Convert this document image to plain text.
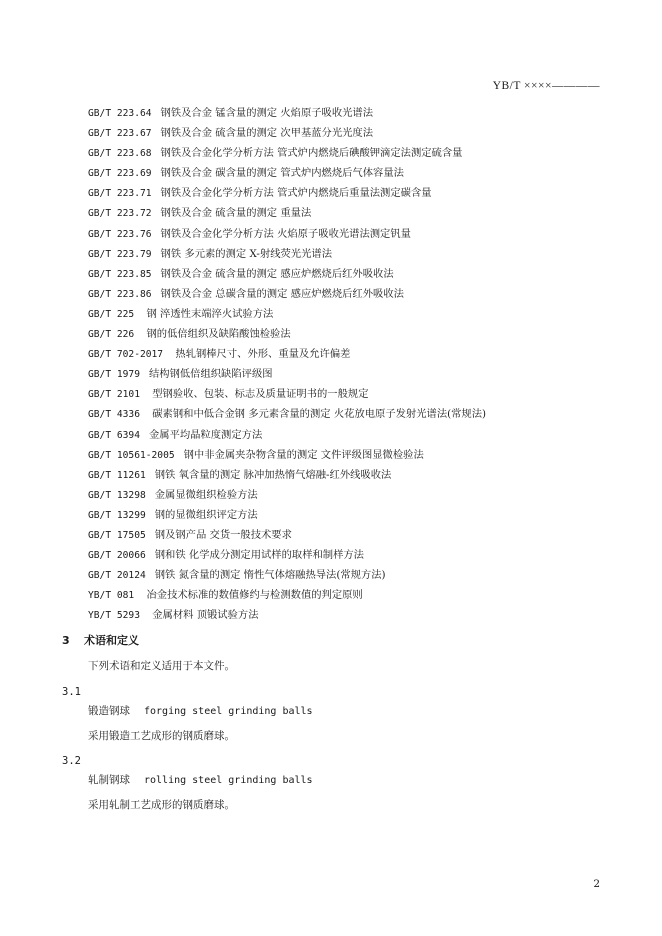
YB/T ××××————
GB/T 223.64 钢铁及合金 锰含量的测定 火焰原子吸收光谱法
GB/T 223.67 钢铁及合金 硫含量的测定 次甲基蓝分光光度法
GB/T 223.68 钢铁及合金化学分析方法 管式炉内燃烧后碘酸钾滴定法测定硫含量
GB/T 223.69 钢铁及合金 碳含量的测定 管式炉内燃烧后气体容量法
GB/T 223.71 钢铁及合金化学分析方法 管式炉内燃烧后重量法测定碳含量
GB/T 223.72 钢铁及合金 硫含量的测定 重量法
GB/T 223.76 钢铁及合金化学分析方法 火焰原子吸收光谱法测定钒量
GB/T 223.79 钢铁 多元素的测定 X-射线荧光光谱法
GB/T 223.85 钢铁及合金 硫含量的测定 感应炉燃烧后红外吸收法
GB/T 223.86 钢铁及合金 总碳含量的测定 感应炉燃烧后红外吸收法
GB/T 225 钢 淬透性末端淬火试验方法
GB/T 226 钢的低倍组织及缺陷酸蚀检验法
GB/T 702-2017 热轧钢棒尺寸、外形、重量及允许偏差
GB/T 1979 结构钢低倍组织缺陷评级图
GB/T 2101 型钢验收、包装、标志及质量证明书的一般规定
GB/T 4336 碳素钢和中低合金钢 多元素含量的测定 火花放电原子发射光谱法(常规法)
GB/T 6394 金属平均晶粒度测定方法
GB/T 10561-2005 钢中非金属夹杂物含量的测定 文件评级图显微检验法
GB/T 11261 钢铁 氧含量的测定 脉冲加热惰气熔融-红外线吸收法
GB/T 13298 金属显微组织检验方法
GB/T 13299 钢的显微组织评定方法
GB/T 17505 钢及钢产品 交货一般技术要求
GB/T 20066 钢和铁 化学成分测定用试样的取样和制样方法
GB/T 20124 钢铁 氮含量的测定 惰性气体熔融热导法(常规方法)
YB/T 081 冶金技术标准的数值修约与检测数值的判定原则
YB/T 5293 金属材料 顶锻试验方法
3 术语和定义
下列术语和定义适用于本文件。
3.1
锻造钢球 forging steel grinding balls
采用锻造工艺成形的钢质磨球。
3.2
轧制钢球 rolling steel grinding balls
采用轧制工艺成形的钢质磨球。
2
